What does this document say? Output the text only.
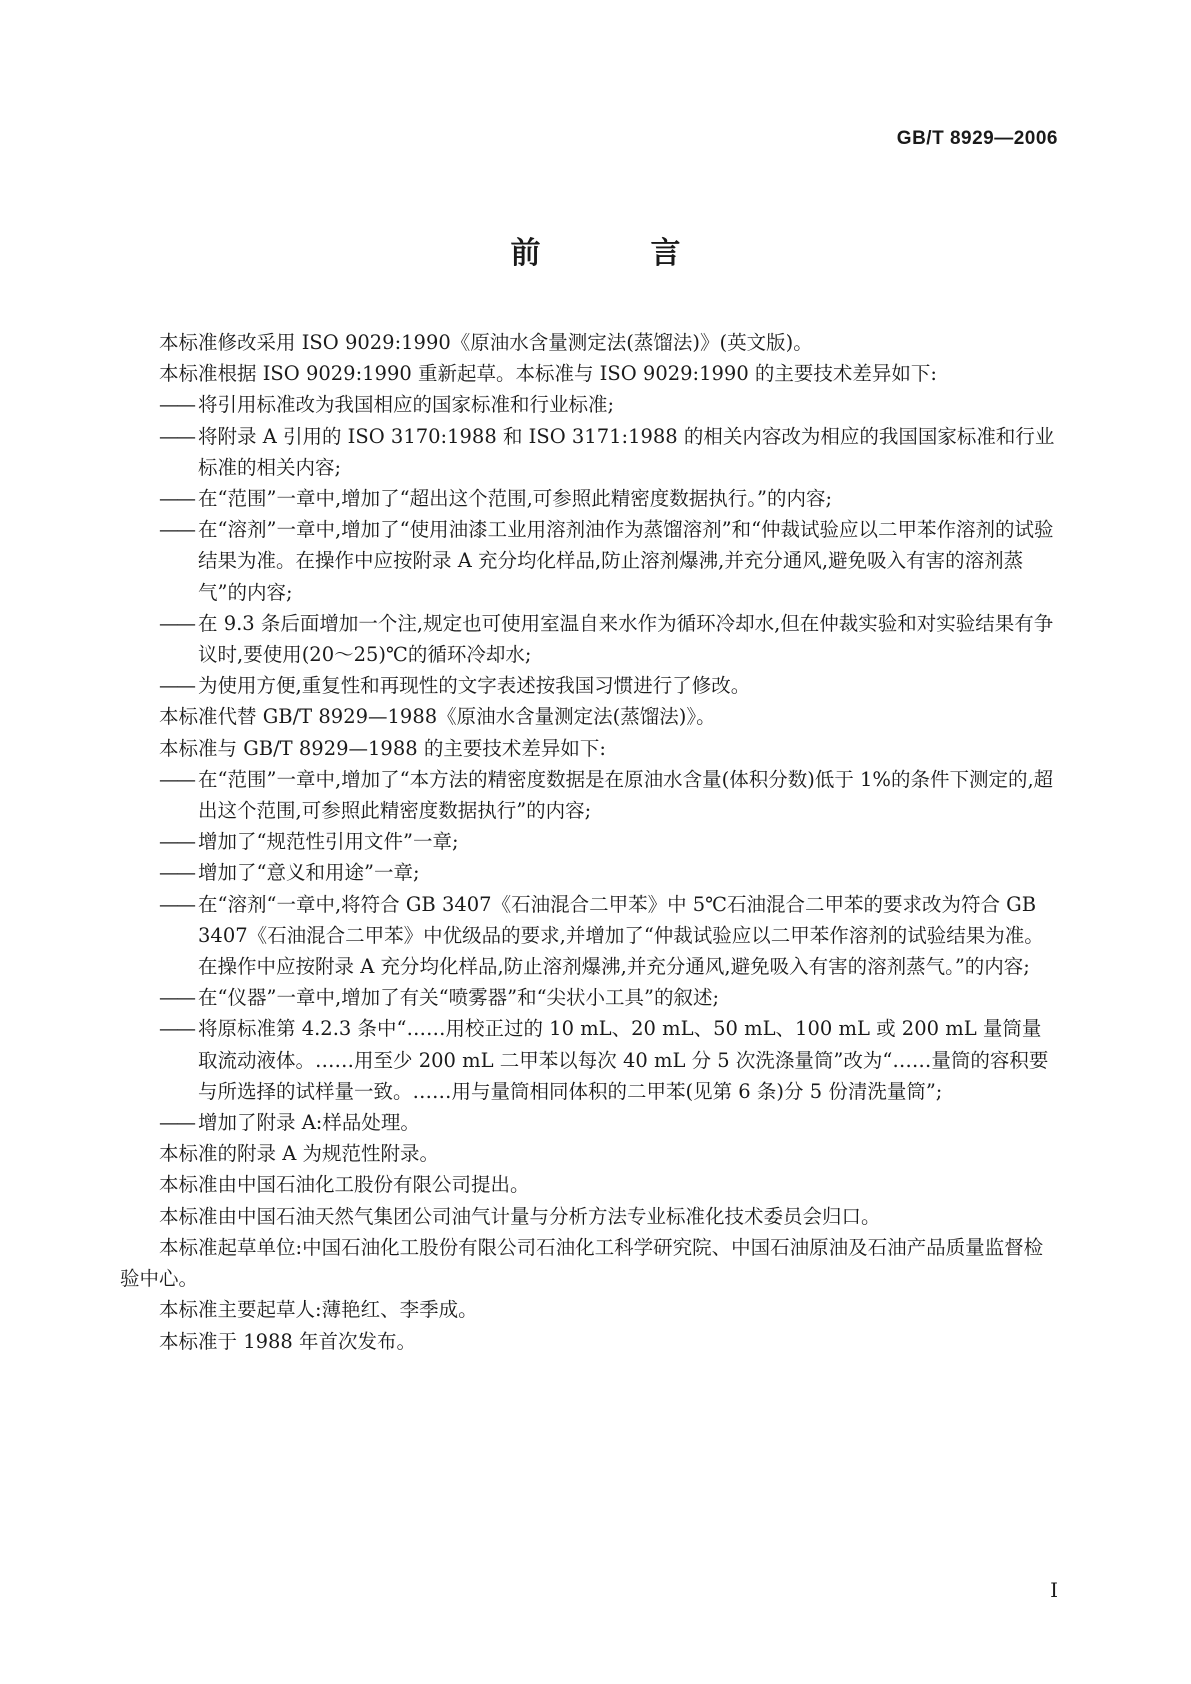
GB/T 8929—2006
前　言

本标准修改采用 ISO 9029:1990《原油水含量测定法(蒸馏法)》(英文版)。

本标准根据 ISO 9029:1990 重新起草。本标准与 ISO 9029:1990 的主要技术差异如下:

—— 将引用标准改为我国相应的国家标准和行业标准;
—— 将附录 A 引用的 ISO 3170:1988 和 ISO 3171:1988 的相关内容改为相应的我国国家标准和行业标准的相关内容;
—— 在“范围”一章中,增加了“超出这个范围,可参照此精密度数据执行。”的内容;
—— 在“溶剂”一章中,增加了“使用油漆工业用溶剂油作为蒸馏溶剂”和“仲裁试验应以二甲苯作溶剂的试验结果为准。在操作中应按附录 A 充分均化样品,防止溶剂爆沸,并充分通风,避免吸入有害的溶剂蒸气”的内容;
—— 在 9.3 条后面增加一个注,规定也可使用室温自来水作为循环冷却水,但在仲裁实验和对实验结果有争议时,要使用(20～25)℃的循环冷却水;
—— 为使用方便,重复性和再现性的文字表述按我国习惯进行了修改。

本标准代替 GB/T 8929—1988《原油水含量测定法(蒸馏法)》。

本标准与 GB/T 8929—1988 的主要技术差异如下:

—— 在“范围”一章中,增加了“本方法的精密度数据是在原油水含量(体积分数)低于 1%的条件下测定的,超出这个范围,可参照此精密度数据执行”的内容;
—— 增加了“规范性引用文件”一章;
—— 增加了“意义和用途”一章;
—— 在“溶剂“一章中,将符合 GB 3407《石油混合二甲苯》中 5℃石油混合二甲苯的要求改为符合 GB 3407《石油混合二甲苯》中优级品的要求,并增加了“仲裁试验应以二甲苯作溶剂的试验结果为准。在操作中应按附录 A 充分均化样品,防止溶剂爆沸,并充分通风,避免吸入有害的溶剂蒸气。”的内容;
—— 在“仪器”一章中,增加了有关“喷雾器”和“尖状小工具”的叙述;
—— 将原标准第 4.2.3 条中“……用校正过的 10 mL、20 mL、50 mL、100 mL 或 200 mL 量筒量取流动液体。……用至少 200 mL 二甲苯以每次 40 mL 分 5 次洗涤量筒”改为“……量筒的容积要与所选择的试样量一致。……用与量筒相同体积的二甲苯(见第 6 条)分 5 份清洗量筒”;
—— 增加了附录 A:样品处理。

本标准的附录 A 为规范性附录。

本标准由中国石油化工股份有限公司提出。

本标准由中国石油天然气集团公司油气计量与分析方法专业标准化技术委员会归口。

本标准起草单位:中国石油化工股份有限公司石油化工科学研究院、中国石油原油及石油产品质量监督检验中心。

本标准主要起草人:薄艳红、李季成。

本标准于 1988 年首次发布。

I
